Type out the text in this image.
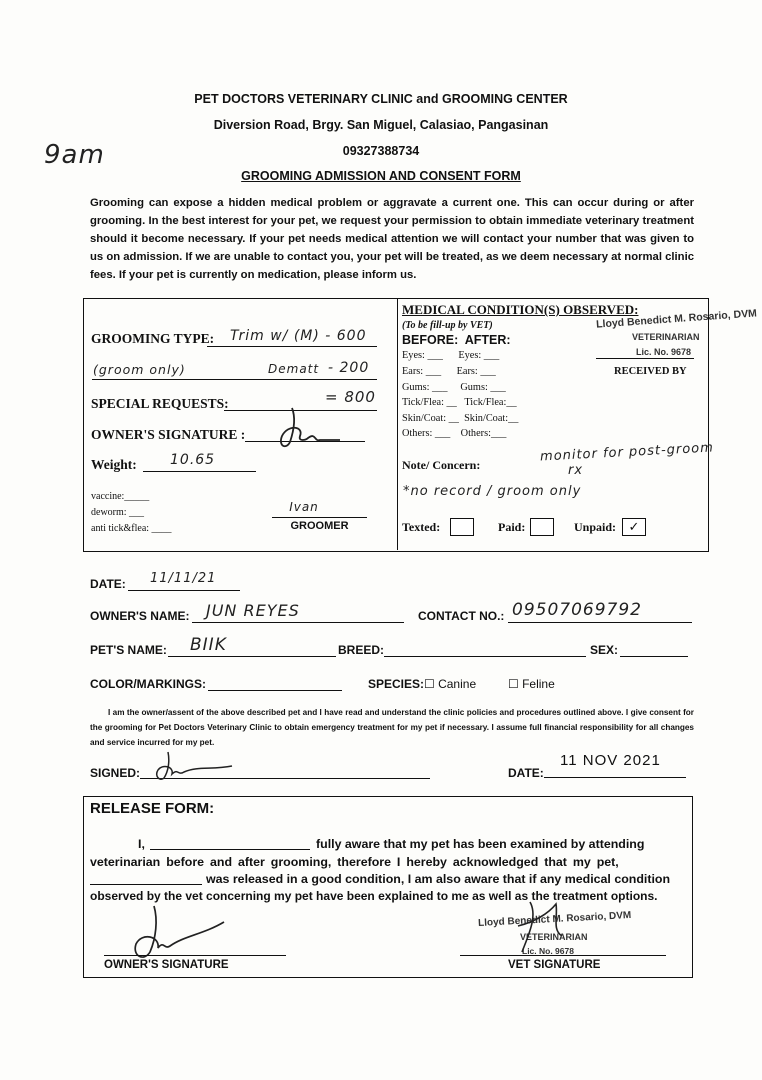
PET DOCTORS VETERINARY CLINIC and GROOMING CENTER
Diversion Road, Brgy. San Miguel, Calasiao, Pangasinan
09327388734
GROOMING ADMISSION AND CONSENT FORM
9am
Grooming can expose a hidden medical problem or aggravate a current one. This can occur during or after grooming. In the best interest for your pet, we request your permission to obtain immediate veterinary treatment should it become necessary. If your pet needs medical attention we will contact your number that was given to us on admission. If we are unable to contact you, your pet will be treated, as we deem necessary at normal clinic fees. If your pet is currently on medication, please inform us.
GROOMING TYPE: Trim w/ (M) - 600
(groom only)	Dematt - 200
SPECIAL REQUESTS:	= 800
OWNER'S SIGNATURE :
Weight: 10.65
vaccine:_____
deworm: ___
anti tick&flea: ____
Ivan
GROOMER
MEDICAL CONDITION(S) OBSERVED:
(To be fill-up by VET)
BEFORE:  AFTER:
Eyes: ___      Eyes: ___
Ears: ___      Ears: ___
Gums: ___     Gums: ___
Tick/Flea: __   Tick/Flea:__
Skin/Coat: __  Skin/Coat:__
Others: ___    Others:___
Lloyd Benedict M. Rosario, DVM
VETERINARIAN
Lic. No. 9678
RECEIVED BY
Note/ Concern:
monitor for post-groom
rx
*no record / groom only
Texted:	Paid:	Unpaid: ✓
DATE: 11/11/21
OWNER'S NAME: JUN REYES	CONTACT NO.: 09507069792
PET'S NAME: BIIK	BREED:	SEX:
COLOR/MARKINGS:	SPECIES: ☐ Canine	☐ Feline
I am the owner/assent of the above described pet and I have read and understand the clinic policies and procedures outlined above. I give consent for the grooming for Pet Doctors Veterinary Clinic to obtain emergency treatment for my pet if necessary. I assume full financial responsibility for all changes and service incurred for my pet.
SIGNED:	DATE:
11 NOV 2021
RELEASE FORM:
I,	fully aware that my pet has been examined by attending
veterinarian before and after grooming, therefore I hereby acknowledged that my pet,
was released in a good condition, I am also aware that if any medical condition
observed by the vet concerning my pet have been explained to me as well as the treatment options.
OWNER'S SIGNATURE
Lloyd Benedict M. Rosario, DVM
VETERINARIAN
Lic. No. 9678
VET SIGNATURE
